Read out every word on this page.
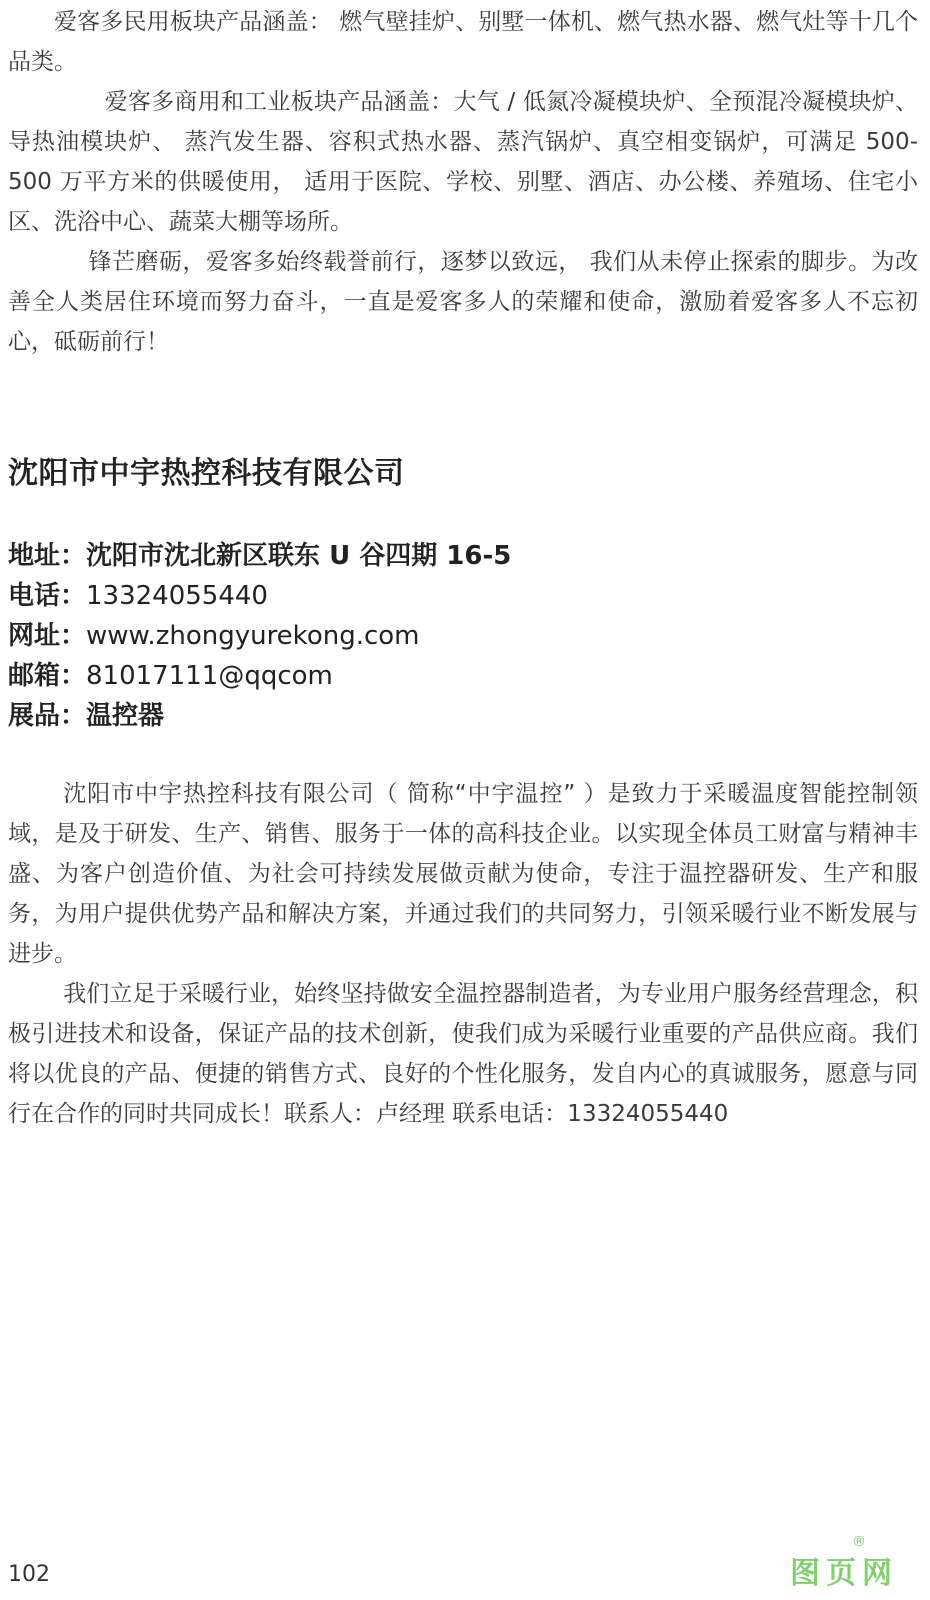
爱客多民用板块产品涵盖： 燃气壁挂炉、别墅一体机、燃气热水器、燃气灶等十几个品类。

爱客多商用和工业板块产品涵盖：大气 / 低氮冷凝模块炉、全预混冷凝模块炉、导热油模块炉、 蒸汽发生器、容积式热水器、蒸汽锅炉、真空相变锅炉，可满足 500-500 万平方米的供暖使用， 适用于医院、学校、别墅、酒店、办公楼、养殖场、住宅小区、洗浴中心、蔬菜大棚等场所。

锋芒磨砺，爱客多始终载誉前行，逐梦以致远， 我们从未停止探索的脚步。为改善全人类居住环境而努力奋斗，一直是爱客多人的荣耀和使命，激励着爱客多人不忘初心，砥砺前行！

沈阳市中宇热控科技有限公司
地址：沈阳市沈北新区联东 U 谷四期 16-5
电话：13324055440
网址：www.zhongyurekong.com
邮箱：81017111@qqcom
展品：温控器

沈阳市中宇热控科技有限公司（ 简称“中宇温控” ）是致力于采暖温度智能控制领域，是及于研发、生产、销售、服务于一体的高科技企业。以实现全体员工财富与精神丰盛、为客户创造价值、为社会可持续发展做贡献为使命，专注于温控器研发、生产和服务，为用户提供优势产品和解决方案，并通过我们的共同努力，引领采暖行业不断发展与进步。

我们立足于采暖行业，始终坚持做安全温控器制造者，为专业用户服务经营理念，积极引进技术和设备，保证产品的技术创新，使我们成为采暖行业重要的产品供应商。我们将以优良的产品、便捷的销售方式、良好的个性化服务，发自内心的真诚服务，愿意与同行在合作的同时共同成长！联系人：卢经理 联系电话：13324055440

102	图页网
®
